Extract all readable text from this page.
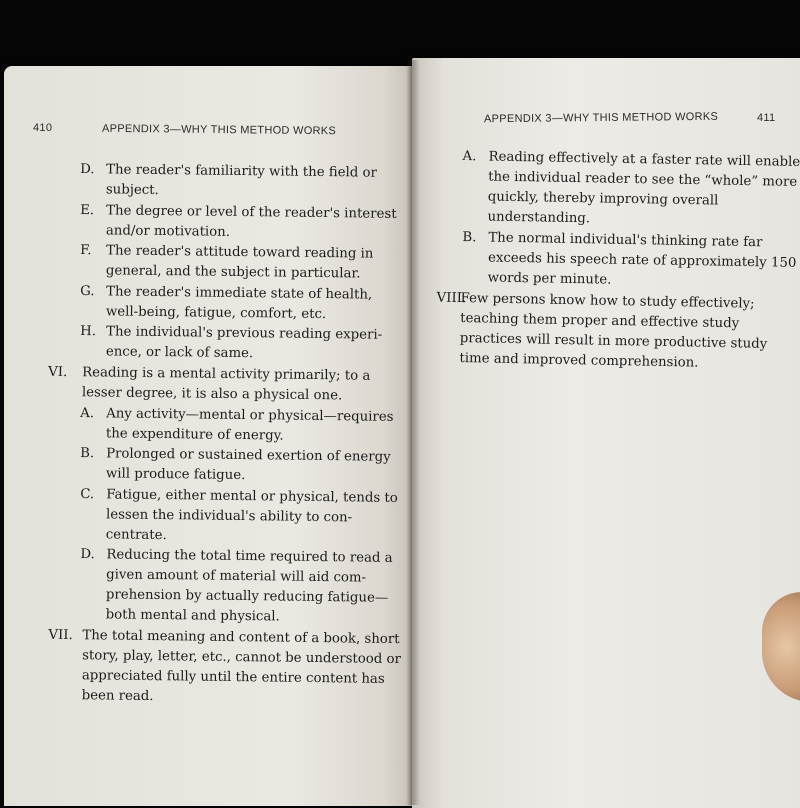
410	APPENDIX 3—WHY THIS METHOD WORKS
D. The reader's familiarity with the field or subject.
E. The degree or level of the reader's interest and/or motivation.
F. The reader's attitude toward reading in general, and the subject in particular.
G. The reader's immediate state of health, well-being, fatigue, comfort, etc.
H. The individual's previous reading experience, or lack of same.
VI. Reading is a mental activity primarily; to a lesser degree, it is also a physical one.
A. Any activity—mental or physical—requires the expenditure of energy.
B. Prolonged or sustained exertion of energy will produce fatigue.
C. Fatigue, either mental or physical, tends to lessen the individual's ability to concentrate.
D. Reducing the total time required to read a given amount of material will aid comprehension by actually reducing fatigue—both mental and physical.
VII. The total meaning and content of a book, short story, play, letter, etc., cannot be understood or appreciated fully until the entire content has been read.
APPENDIX 3—WHY THIS METHOD WORKS	411
A. Reading effectively at a faster rate will enable the individual reader to see the “whole” more quickly, thereby improving overall understanding.
B. The normal individual's thinking rate far exceeds his speech rate of approximately 150 words per minute.
VIII.
Few persons know how to study effectively; teaching them proper and effective study practices will result in more productive study time and improved comprehension.
